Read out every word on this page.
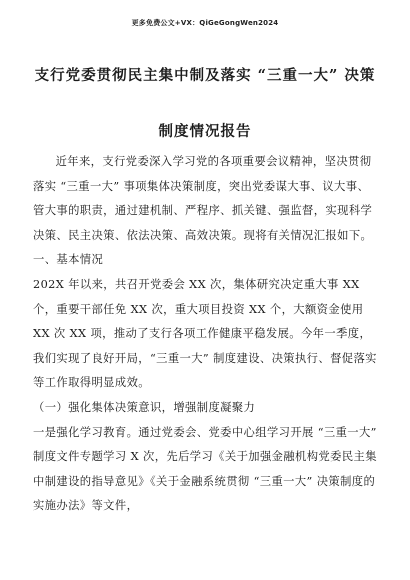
更多免费公文+VX：QiGeGongWen2024
支行党委贯彻民主集中制及落实 “三重一大” 决策
制度情况报告

近年来，支行党委深入学习党的各项重要会议精神，坚决贯彻落实 “三重一大” 事项集体决策制度，突出党委谋大事、议大事、管大事的职责，通过建机制、严程序、抓关键、强监督，实现科学决策、民主决策、依法决策、高效决策。现将有关情况汇报如下。

一、基本情况

202X 年以来，共召开党委会 XX 次，集体研究决定重大事 XX 个，重要干部任免 XX 次，重大项目投资 XX 个，大额资金使用 XX 次 XX 项，推动了支行各项工作健康平稳发展。今年一季度，我们实现了良好开局，“三重一大” 制度建设、决策执行、督促落实等工作取得明显成效。

（一）强化集体决策意识，增强制度凝聚力

一是强化学习教育。通过党委会、党委中心组学习开展 “三重一大” 制度文件专题学习 X 次，先后学习《关于加强金融机构党委民主集中制建设的指导意见》《关于金融系统贯彻 “三重一大” 决策制度的实施办法》等文件，
